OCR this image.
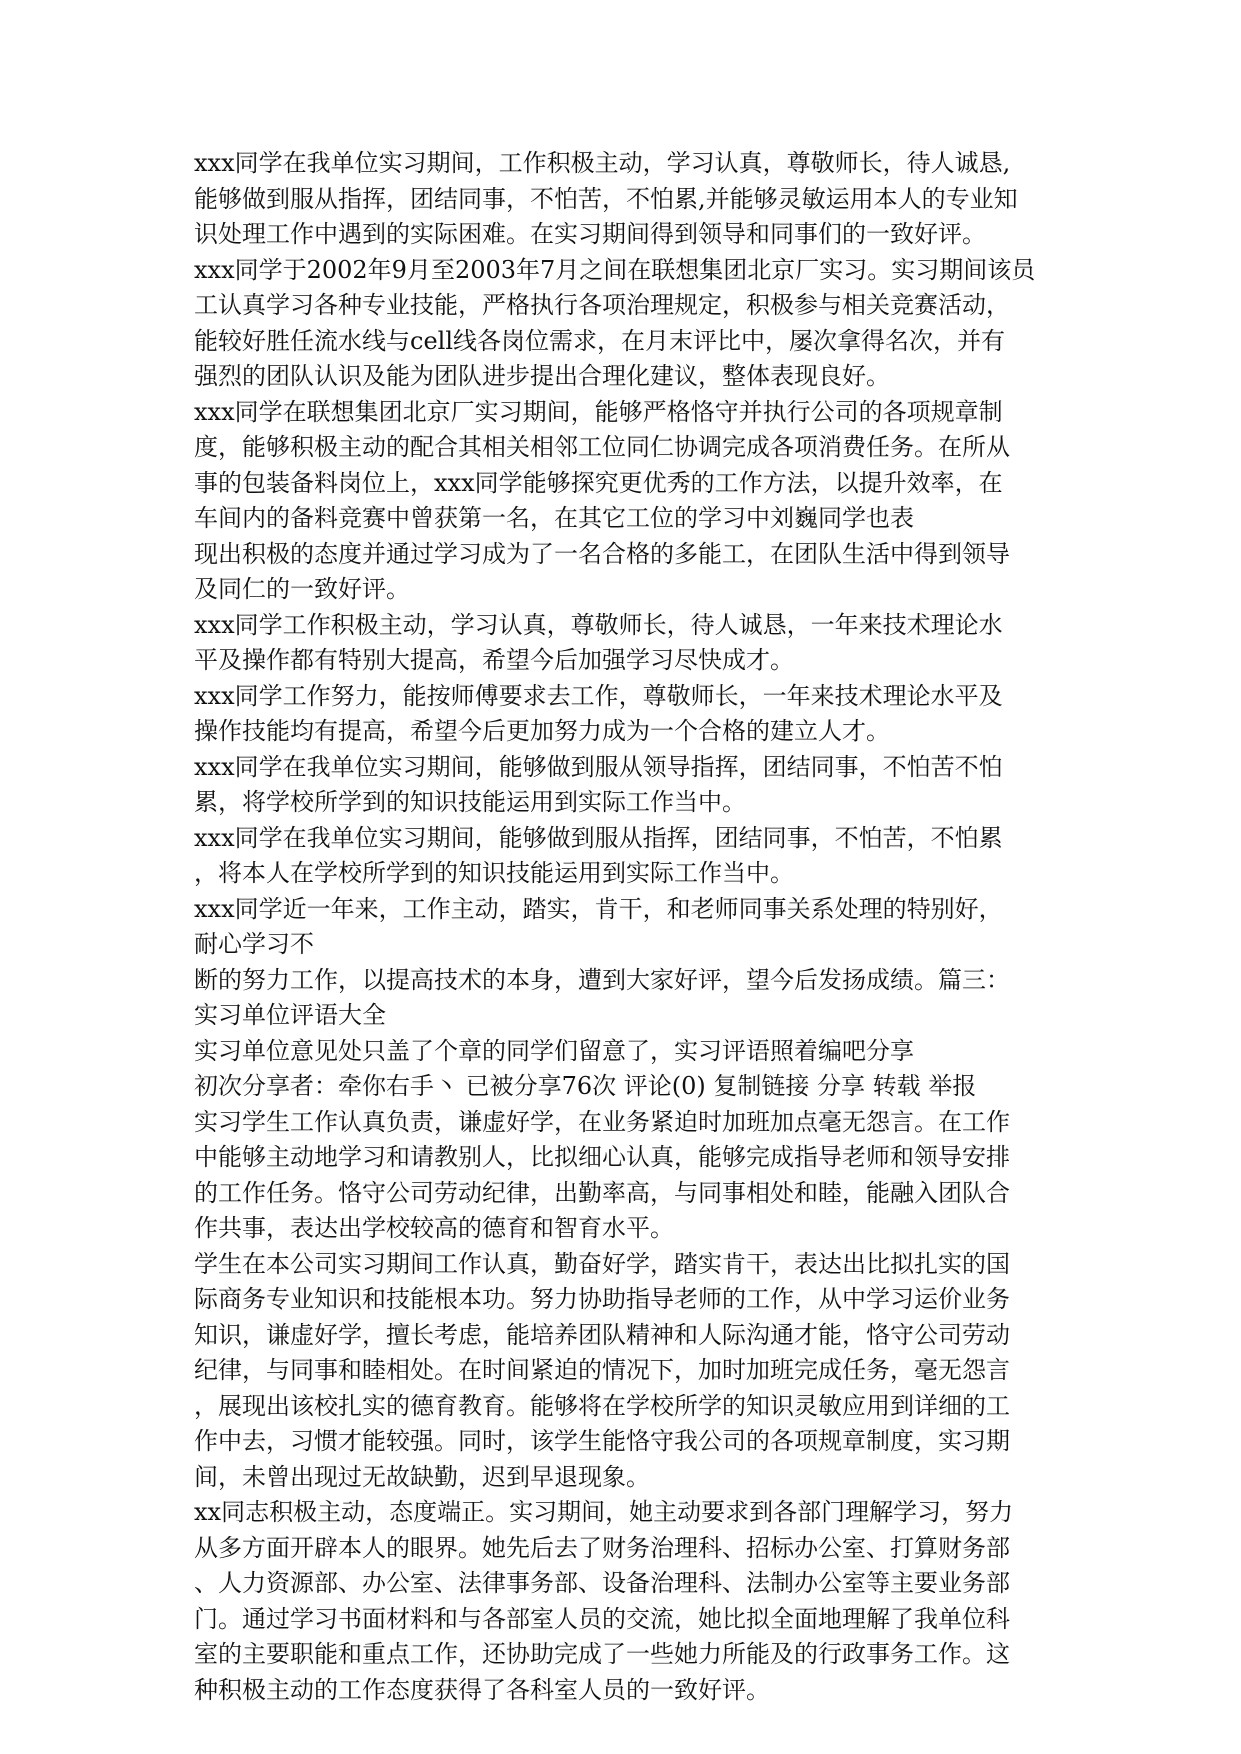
xxx同学在我单位实习期间，工作积极主动，学习认真，尊敬师长，待人诚恳,

能够做到服从指挥，团结同事，不怕苦，不怕累,并能够灵敏运用本人的专业知

识处理工作中遇到的实际困难。在实习期间得到领导和同事们的一致好评。

xxx同学于2002年9月至2003年7月之间在联想集团北京厂实习。实习期间该员

工认真学习各种专业技能，严格执行各项治理规定，积极参与相关竞赛活动，

能较好胜任流水线与cell线各岗位需求，在月末评比中，屡次拿得名次，并有

强烈的团队认识及能为团队进步提出合理化建议，整体表现良好。

xxx同学在联想集团北京厂实习期间，能够严格恪守并执行公司的各项规章制

度，能够积极主动的配合其相关相邻工位同仁协调完成各项消费任务。在所从

事的包装备料岗位上，xxx同学能够探究更优秀的工作方法，以提升效率，在

车间内的备料竞赛中曾获第一名，在其它工位的学习中刘巍同学也表

现出积极的态度并通过学习成为了一名合格的多能工，在团队生活中得到领导

及同仁的一致好评。

xxx同学工作积极主动，学习认真，尊敬师长，待人诚恳，一年来技术理论水

平及操作都有特别大提高，希望今后加强学习尽快成才。

xxx同学工作努力，能按师傅要求去工作，尊敬师长，一年来技术理论水平及

操作技能均有提高，希望今后更加努力成为一个合格的建立人才。

xxx同学在我单位实习期间，能够做到服从领导指挥，团结同事，不怕苦不怕

累，将学校所学到的知识技能运用到实际工作当中。

xxx同学在我单位实习期间，能够做到服从指挥，团结同事，不怕苦，不怕累

，将本人在学校所学到的知识技能运用到实际工作当中。

xxx同学近一年来，工作主动，踏实，肯干，和老师同事关系处理的特别好，

耐心学习不

断的努力工作，以提高技术的本身，遭到大家好评，望今后发扬成绩。篇三：

实习单位评语大全

实习单位意见处只盖了个章的同学们留意了，实习评语照着编吧分享

初次分享者：牵你右手丶 已被分享76次 评论(0) 复制链接 分享 转载 举报

实习学生工作认真负责，谦虚好学，在业务紧迫时加班加点毫无怨言。在工作

中能够主动地学习和请教别人，比拟细心认真，能够完成指导老师和领导安排

的工作任务。恪守公司劳动纪律，出勤率高，与同事相处和睦，能融入团队合

作共事，表达出学校较高的德育和智育水平。

学生在本公司实习期间工作认真，勤奋好学，踏实肯干，表达出比拟扎实的国

际商务专业知识和技能根本功。努力协助指导老师的工作，从中学习运价业务

知识，谦虚好学，擅长考虑，能培养团队精神和人际沟通才能，恪守公司劳动

纪律，与同事和睦相处。在时间紧迫的情况下，加时加班完成任务，毫无怨言

，展现出该校扎实的德育教育。能够将在学校所学的知识灵敏应用到详细的工

作中去，习惯才能较强。同时，该学生能恪守我公司的各项规章制度，实习期

间，未曾出现过无故缺勤，迟到早退现象。

xx同志积极主动，态度端正。实习期间，她主动要求到各部门理解学习，努力

从多方面开辟本人的眼界。她先后去了财务治理科、招标办公室、打算财务部

、人力资源部、办公室、法律事务部、设备治理科、法制办公室等主要业务部

门。通过学习书面材料和与各部室人员的交流，她比拟全面地理解了我单位科

室的主要职能和重点工作，还协助完成了一些她力所能及的行政事务工作。这

种积极主动的工作态度获得了各科室人员的一致好评。
